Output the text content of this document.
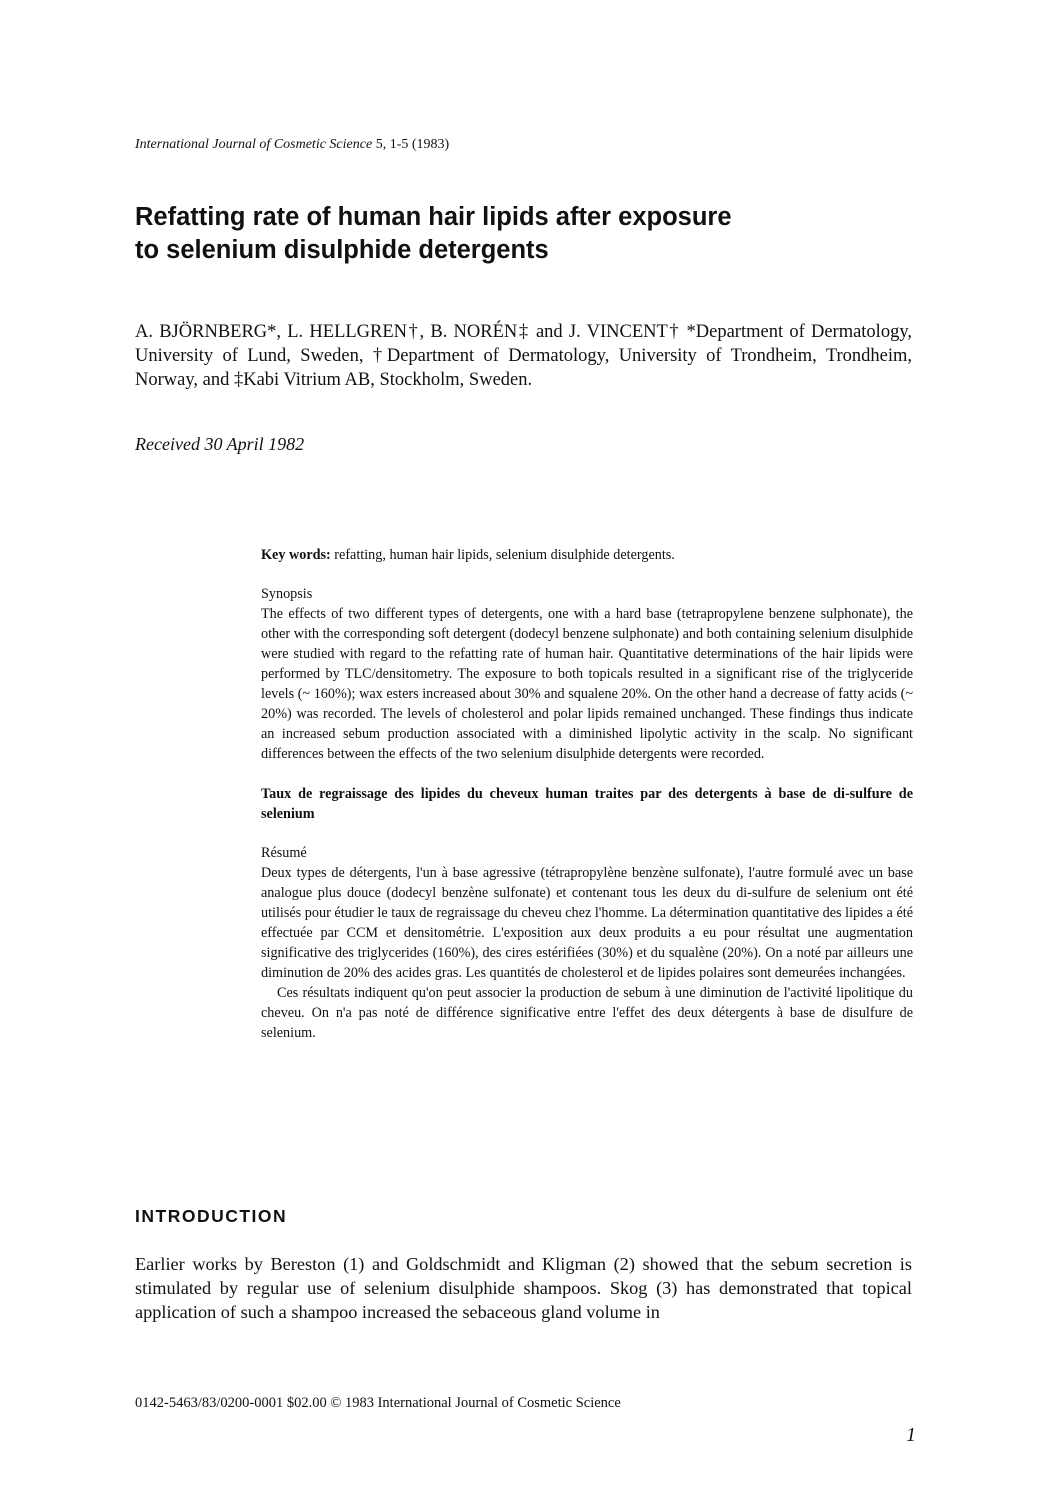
International Journal of Cosmetic Science 5, 1-5 (1983)
Refatting rate of human hair lipids after exposure
to selenium disulphide detergents

A. BJÖRNBERG*, L. HELLGREN†, B. NORÉN‡ and J. VINCENT† *Department of Dermatology, University of Lund, Sweden, †Department of Dermatology, University of Trondheim, Trondheim, Norway, and ‡Kabi Vitrium AB, Stockholm, Sweden.

Received 30 April 1982

Key words: refatting, human hair lipids, selenium disulphide detergents.

Synopsis

The effects of two different types of detergents, one with a hard base (tetrapropylene benzene sulphonate), the other with the corresponding soft detergent (dodecyl benzene sulphonate) and both containing selenium disulphide were studied with regard to the refatting rate of human hair. Quantitative determinations of the hair lipids were performed by TLC/densitometry. The exposure to both topicals resulted in a significant rise of the triglyceride levels (~ 160%); wax esters increased about 30% and squalene 20%. On the other hand a decrease of fatty acids (~ 20%) was recorded. The levels of cholesterol and polar lipids remained unchanged. These findings thus indicate an increased sebum production associated with a diminished lipolytic activity in the scalp. No significant differences between the effects of the two selenium disulphide detergents were recorded.

Taux de regraissage des lipides du cheveux human traites par des detergents à base de di-sulfure de selenium

Résumé

Deux types de détergents, l'un à base agressive (tétrapropylène benzène sulfonate), l'autre formulé avec un base analogue plus douce (dodecyl benzène sulfonate) et contenant tous les deux du di-sulfure de selenium ont été utilisés pour étudier le taux de regraissage du cheveu chez l'homme. La détermination quantitative des lipides a été effectuée par CCM et densitométrie. L'exposition aux deux produits a eu pour résultat une augmentation significative des triglycerides (160%), des cires estérifiées (30%) et du squalène (20%). On a noté par ailleurs une diminution de 20% des acides gras. Les quantités de cholesterol et de lipides polaires sont demeurées inchangées.

Ces résultats indiquent qu'on peut associer la production de sebum à une diminution de l'activité lipolitique du cheveu. On n'a pas noté de différence significative entre l'effet des deux détergents à base de disulfure de selenium.

INTRODUCTION

Earlier works by Bereston (1) and Goldschmidt and Kligman (2) showed that the sebum secretion is stimulated by regular use of selenium disulphide shampoos. Skog (3) has demonstrated that topical application of such a shampoo increased the sebaceous gland volume in

0142-5463/83/0200-0001 $02.00 © 1983 International Journal of Cosmetic Science
1
